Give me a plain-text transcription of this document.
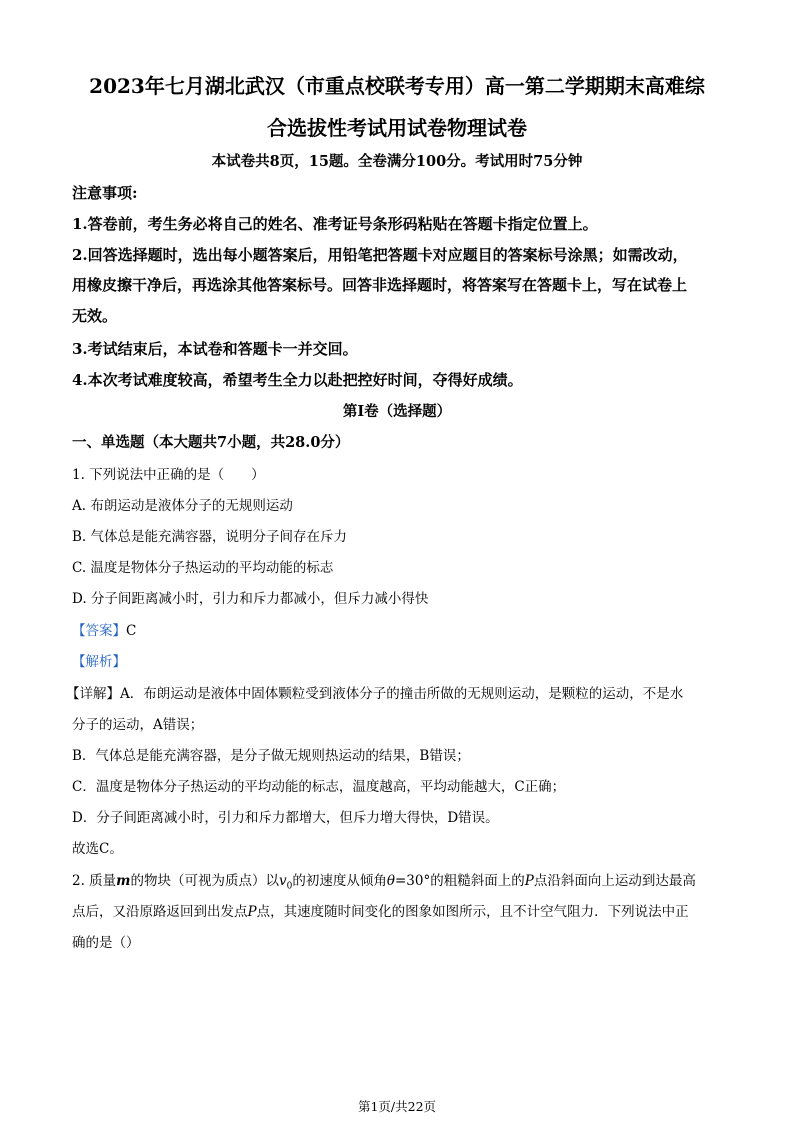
2023年七月湖北武汉（市重点校联考专用）高一第二学期期末高难综
合选拔性考试用试卷物理试卷
本试卷共8页，15题。全卷满分100分。考试用时75分钟
注意事项:
1.答卷前，考生务必将自己的姓名、准考证号条形码粘贴在答题卡指定位置上。
2.回答选择题时，选出每小题答案后，用铅笔把答题卡对应题目的答案标号涂黑；如需改动，
用橡皮擦干净后，再选涂其他答案标号。回答非选择题时，将答案写在答题卡上，写在试卷上
无效。
3.考试结束后，本试卷和答题卡一并交回。
4.本次考试难度较高，希望考生全力以赴把控好时间，夺得好成绩。
第I卷（选择题）
一、单选题（本大题共7小题，共28.0分）
1. 下列说法中正确的是（　　）
A. 布朗运动是液体分子的无规则运动
B. 气体总是能充满容器，说明分子间存在斥力
C. 温度是物体分子热运动的平均动能的标志
D. 分子间距离减小时，引力和斥力都减小，但斥力减小得快
【答案】C
【解析】
【详解】A．布朗运动是液体中固体颗粒受到液体分子的撞击所做的无规则运动，是颗粒的运动，不是水
分子的运动，A错误；
B．气体总是能充满容器，是分子做无规则热运动的结果，B错误；
C．温度是物体分子热运动的平均动能的标志，温度越高，平均动能越大，C正确；
D．分子间距离减小时，引力和斥力都增大，但斥力增大得快，D错误。
故选C。
2. 质量m的物块（可视为质点）以$v_0$的初速度从倾角θ=30°的粗糙斜面上的P点沿斜面向上运动到达最高
点后，又沿原路返回到出发点P点，其速度随时间变化的图象如图所示，且不计空气阻力．下列说法中正
确的是（）
第1页/共22页
